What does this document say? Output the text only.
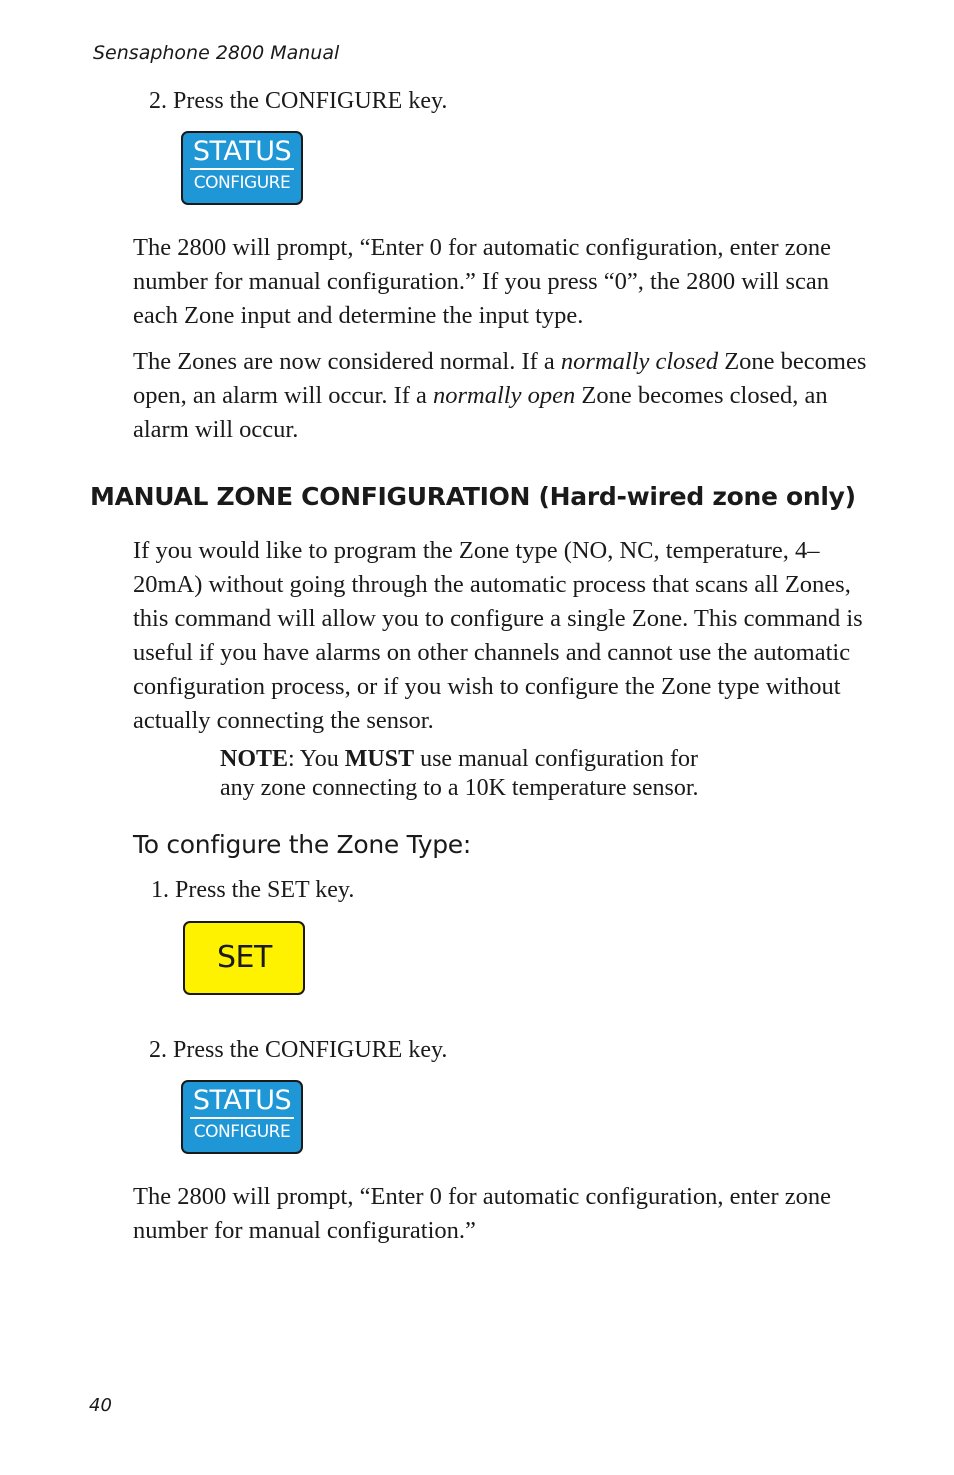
Sensaphone 2800 Manual
2. Press the CONFIGURE key.
STATUS
CONFIGURE

The 2800 will prompt, “Enter 0 for automatic configuration, enter zone number for manual configuration.” If you press “0”, the 2800 will scan each Zone input and determine the input type.

The Zones are now considered normal. If a normally closed Zone becomes open, an alarm will occur. If a normally open Zone becomes closed, an alarm will occur.

MANUAL ZONE CONFIGURATION (Hard-wired zone only)

If you would like to program the Zone type (NO, NC, temperature, 4–20mA) without going through the automatic process that scans all Zones, this command will allow you to configure a single Zone. This command is useful if you have alarms on other channels and cannot use the automatic configuration process, or if you wish to configure the Zone type without actually connecting the sensor.

NOTE: You MUST use manual configuration for
any zone connecting to a 10K temperature sensor.
To configure the Zone Type:
1. Press the SET key.
SET
2. Press the CONFIGURE key.
STATUS
CONFIGURE

The 2800 will prompt, “Enter 0 for automatic configuration, enter zone number for manual configuration.”

40
